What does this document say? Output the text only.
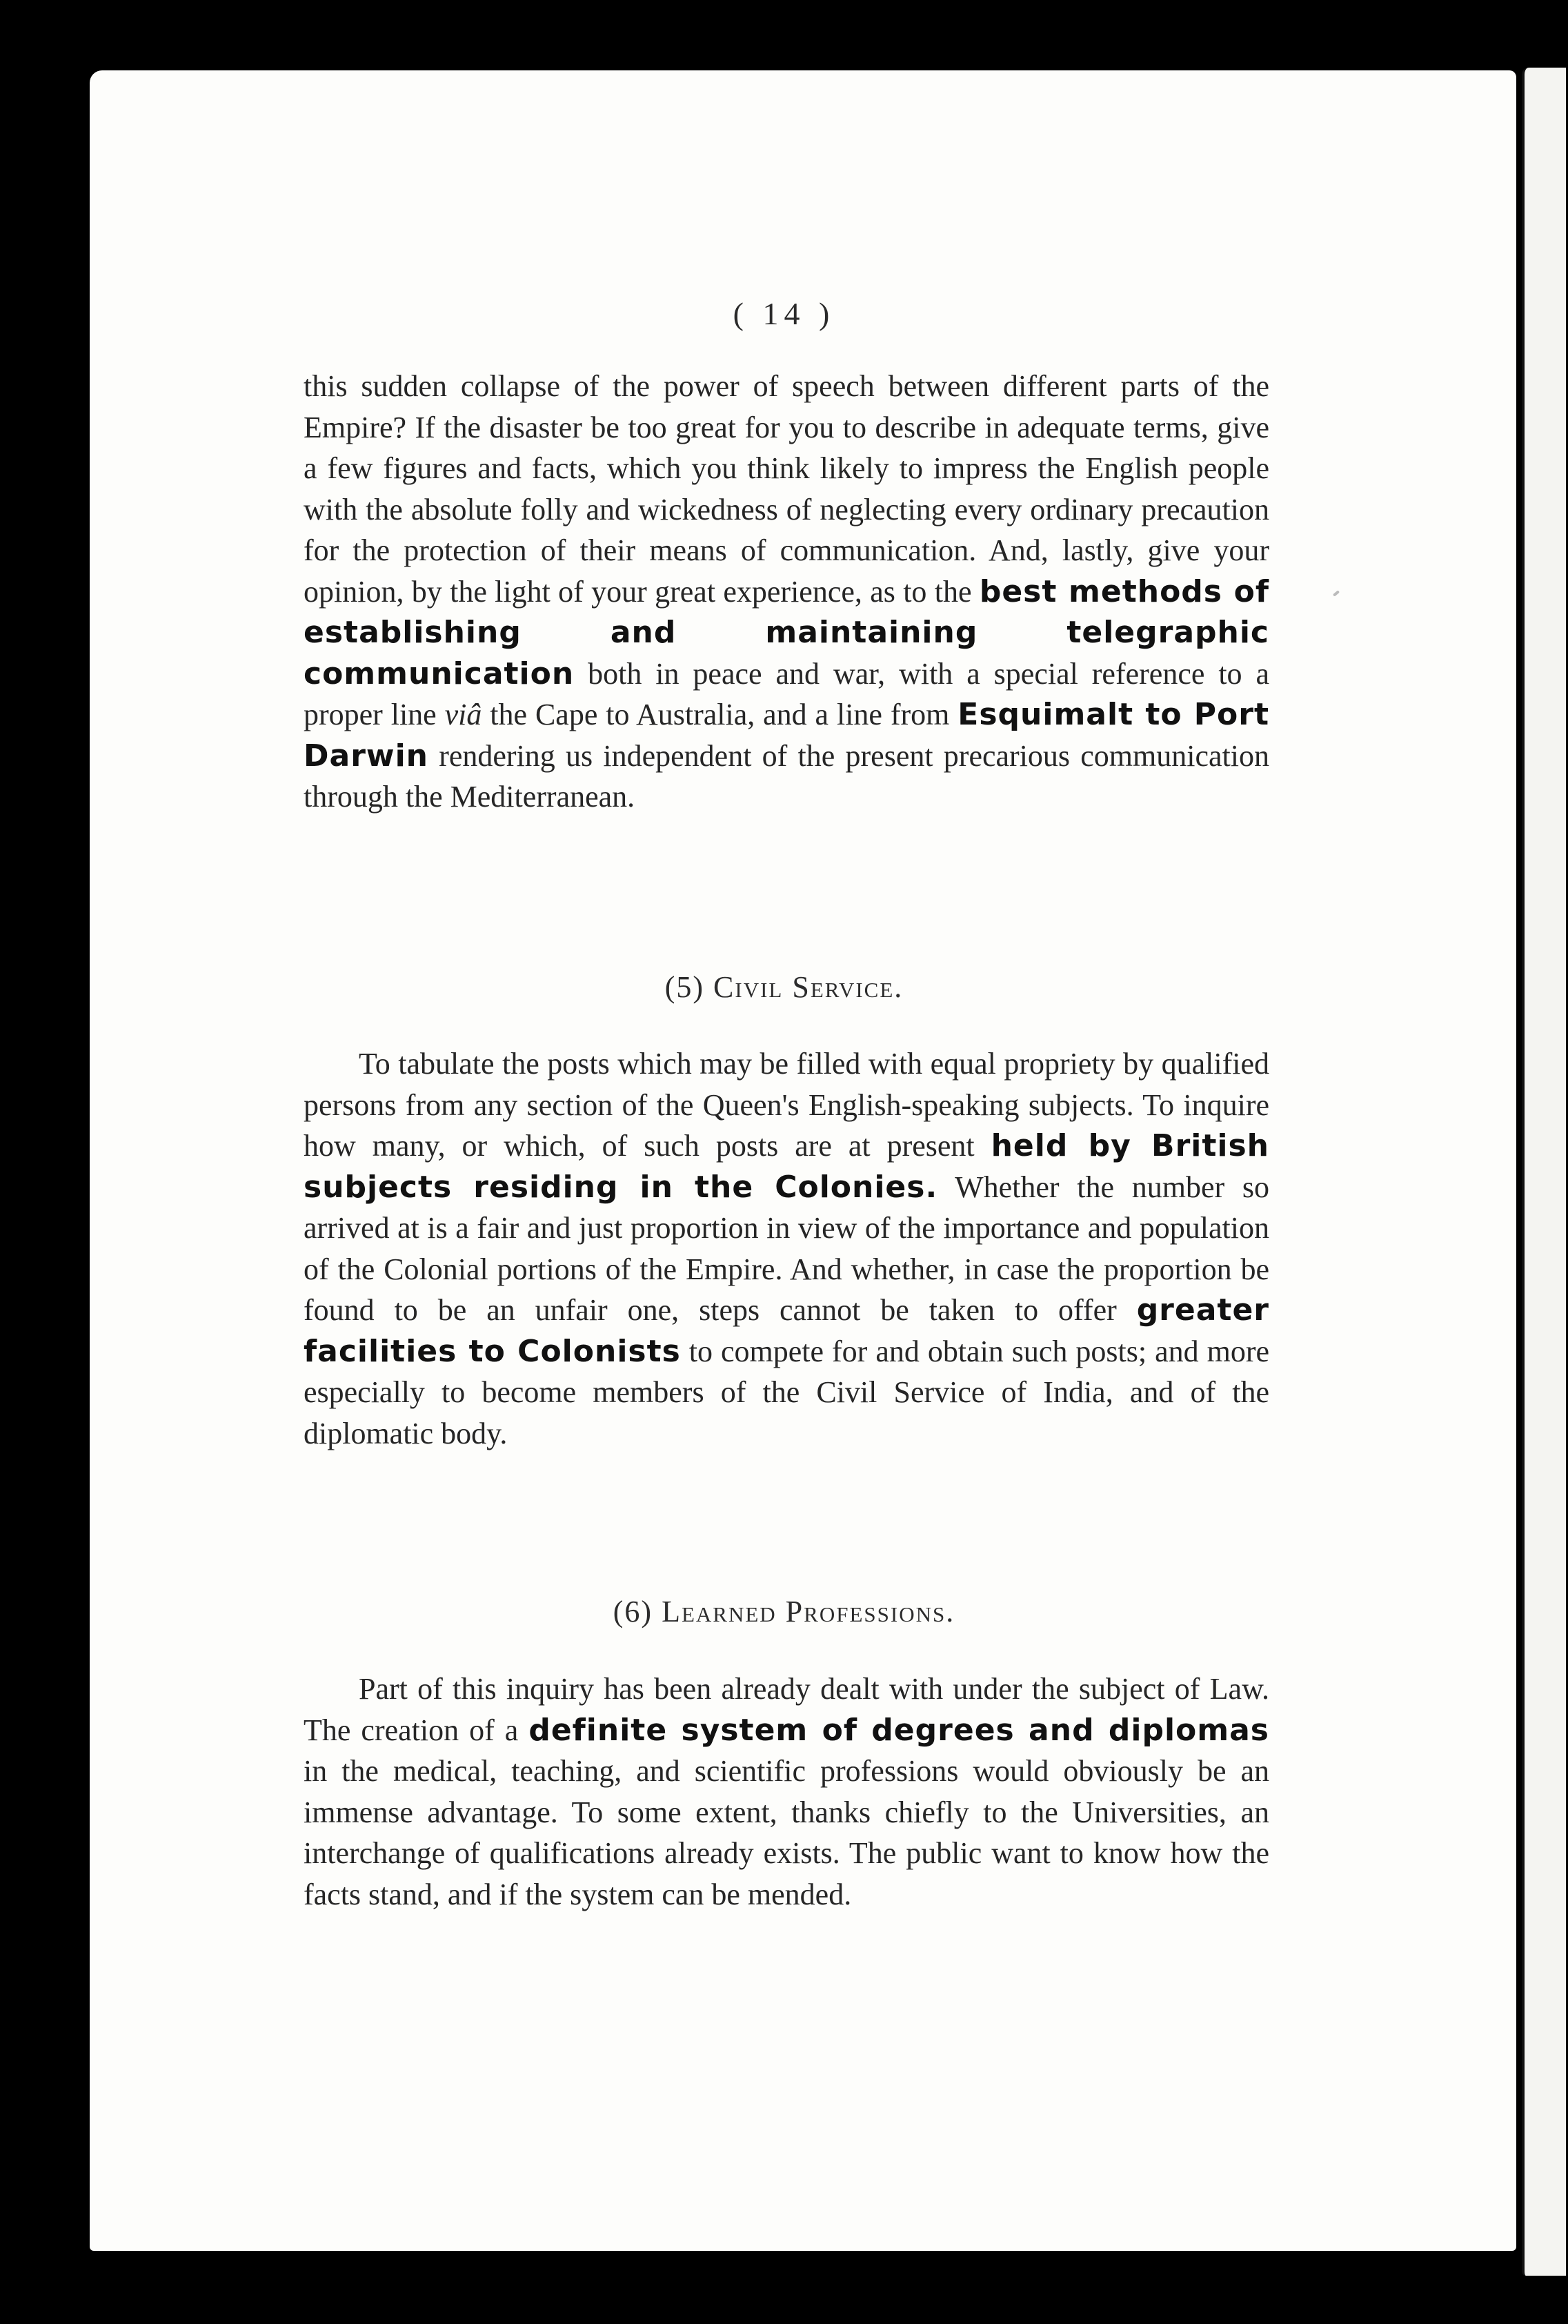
( 14 )
this sudden collapse of the power of speech between different parts of the Empire? If the disaster be too great for you to describe in adequate terms, give a few figures and facts, which you think likely to impress the English people with the absolute folly and wickedness of neglecting every ordinary precaution for the protection of their means of communication. And, lastly, give your opinion, by the light of your great experience, as to the best methods of establishing and maintaining telegraphic communication both in peace and war, with a special reference to a proper line viâ the Cape to Australia, and a line from Esquimalt to Port Darwin rendering us independent of the present precarious communication through the Mediterranean.
(5) Civil Service.
To tabulate the posts which may be filled with equal propriety by qualified persons from any section of the Queen's English-speaking subjects. To inquire how many, or which, of such posts are at present held by British subjects residing in the Colonies. Whether the number so arrived at is a fair and just proportion in view of the importance and population of the Colonial portions of the Empire. And whether, in case the proportion be found to be an unfair one, steps cannot be taken to offer greater facilities to Colonists to compete for and obtain such posts; and more especially to become members of the Civil Service of India, and of the diplomatic body.
(6) Learned Professions.
Part of this inquiry has been already dealt with under the subject of Law. The creation of a definite system of degrees and diplomas in the medical, teaching, and scientific professions would obviously be an immense advantage. To some extent, thanks chiefly to the Universities, an interchange of qualifications already exists. The public want to know how the facts stand, and if the system can be mended.
